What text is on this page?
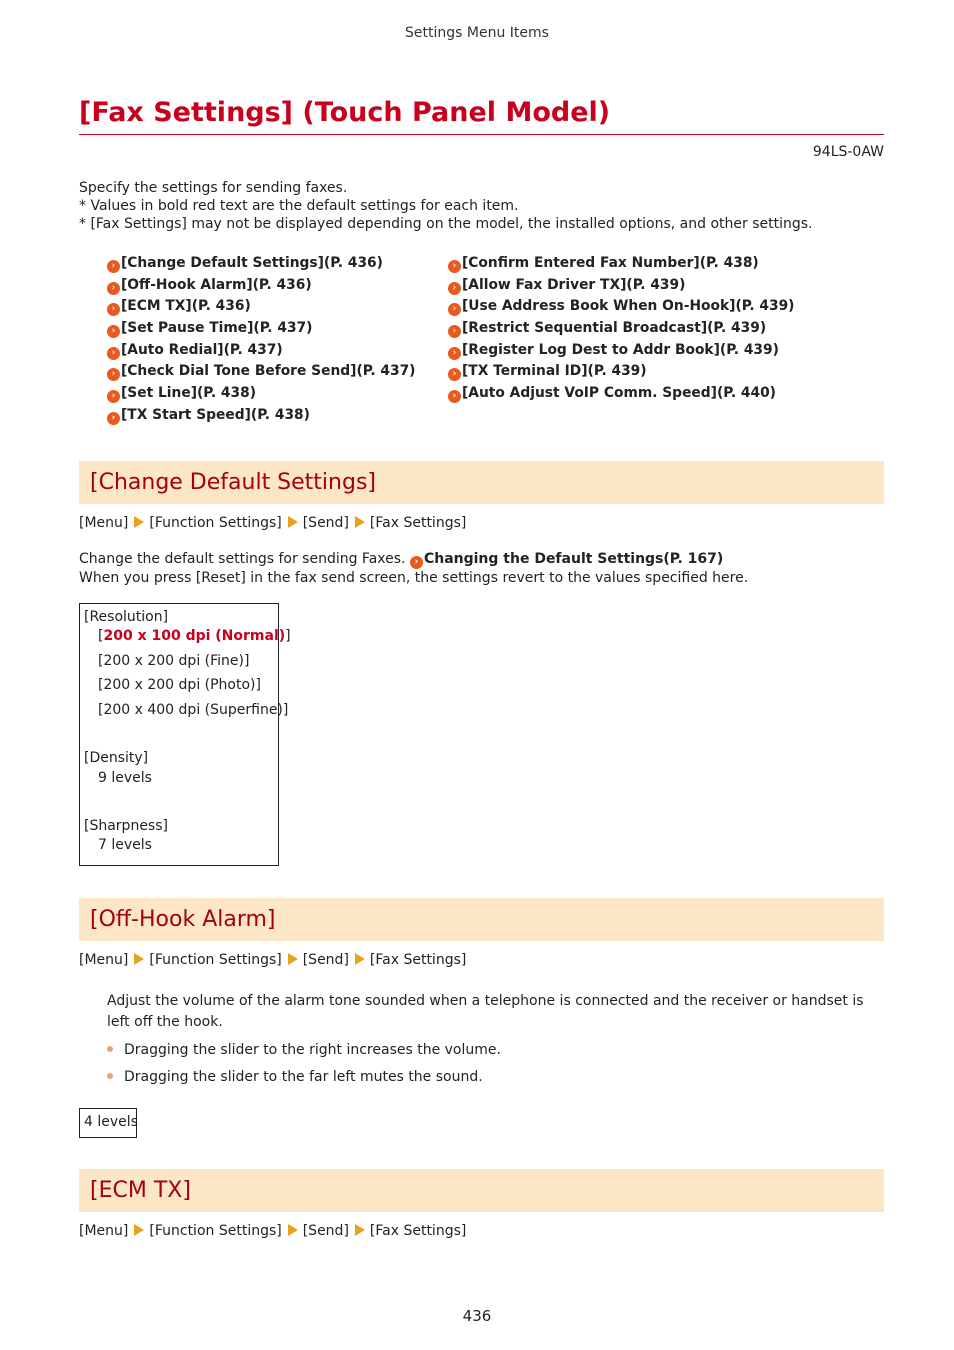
Settings Menu Items
[Fax Settings] (Touch Panel Model)
94LS-0AW
Specify the settings for sending faxes.
* Values in bold red text are the default settings for each item.
* [Fax Settings] may not be displayed depending on the model, the installed options, and other settings.
› [Change Default Settings](P. 436)
› [Off-Hook Alarm](P. 436)
› [ECM TX](P. 436)
› [Set Pause Time](P. 437)
› [Auto Redial](P. 437)
› [Check Dial Tone Before Send](P. 437)
› [Set Line](P. 438)
› [TX Start Speed](P. 438)
› [Confirm Entered Fax Number](P. 438)
› [Allow Fax Driver TX](P. 439)
› [Use Address Book When On-Hook](P. 439)
› [Restrict Sequential Broadcast](P. 439)
› [Register Log Dest to Addr Book](P. 439)
› [TX Terminal ID](P. 439)
› [Auto Adjust VoIP Comm. Speed](P. 440)
[Change Default Settings]
[Menu] [Function Settings] [Send] [Fax Settings]
Change the default settings for sending Faxes. › Changing the Default Settings(P. 167)
When you press [Reset] in the fax send screen, the settings revert to the values specified here.
[Resolution]
[200 x 100 dpi (Normal)]
[200 x 200 dpi (Fine)]
[200 x 200 dpi (Photo)]
[200 x 400 dpi (Superfine)]
[Density]
9 levels
[Sharpness]
7 levels
[Off-Hook Alarm]
[Menu] [Function Settings] [Send] [Fax Settings]
Adjust the volume of the alarm tone sounded when a telephone is connected and the receiver or handset is left off the hook.
Dragging the slider to the right increases the volume.
Dragging the slider to the far left mutes the sound.
4 levels
[ECM TX]
[Menu] [Function Settings] [Send] [Fax Settings]
436
